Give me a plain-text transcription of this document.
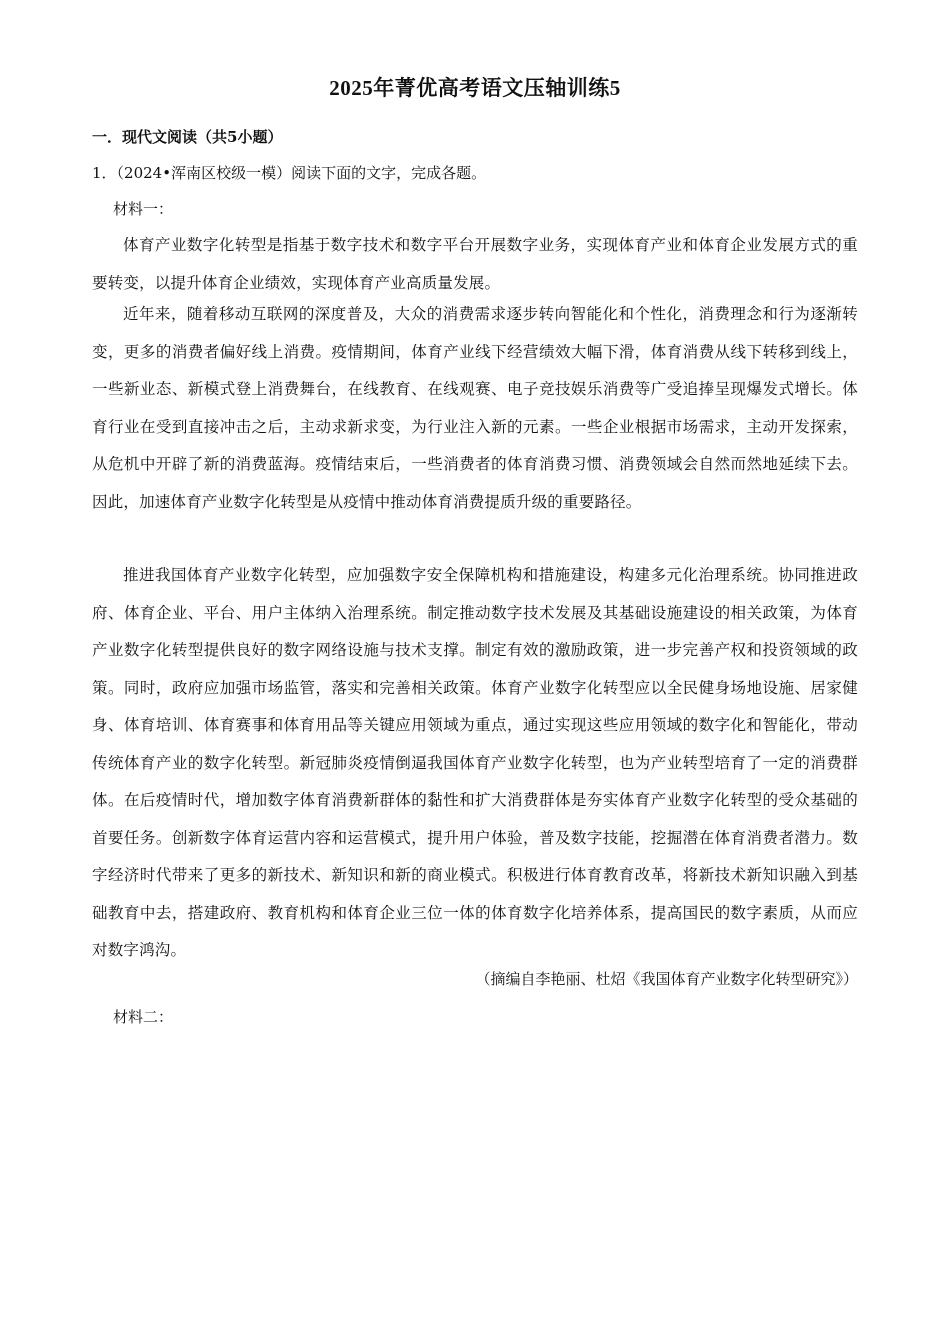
2025年菁优高考语文压轴训练5
一．现代文阅读（共5小题）
1．（2024•浑南区校级一模）阅读下面的文字，完成各题。
材料一：

体育产业数字化转型是指基于数字技术和数字平台开展数字业务，实现体育产业和体育企业发展方式的重要转变，以提升体育企业绩效，实现体育产业高质量发展。

近年来，随着移动互联网的深度普及，大众的消费需求逐步转向智能化和个性化，消费理念和行为逐渐转变，更多的消费者偏好线上消费。疫情期间，体育产业线下经营绩效大幅下滑，体育消费从线下转移到线上，一些新业态、新模式登上消费舞台，在线教育、在线观赛、电子竞技娱乐消费等广受追捧呈现爆发式增长。体育行业在受到直接冲击之后，主动求新求变，为行业注入新的元素。一些企业根据市场需求，主动开发探索，从危机中开辟了新的消费蓝海。疫情结束后，一些消费者的体育消费习惯、消费领域会自然而然地延续下去。因此，加速体育产业数字化转型是从疫情中推动体育消费提质升级的重要路径。

推进我国体育产业数字化转型，应加强数字安全保障机构和措施建设，构建多元化治理系统。协同推进政府、体育企业、平台、用户主体纳入治理系统。制定推动数字技术发展及其基础设施建设的相关政策，为体育产业数字化转型提供良好的数字网络设施与技术支撑。制定有效的激励政策，进一步完善产权和投资领域的政策。同时，政府应加强市场监管，落实和完善相关政策。体育产业数字化转型应以全民健身场地设施、居家健身、体育培训、体育赛事和体育用品等关键应用领域为重点，通过实现这些应用领域的数字化和智能化，带动传统体育产业的数字化转型。新冠肺炎疫情倒逼我国体育产业数字化转型，也为产业转型培育了一定的消费群体。在后疫情时代，增加数字体育消费新群体的黏性和扩大消费群体是夯实体育产业数字化转型的受众基础的首要任务。创新数字体育运营内容和运营模式，提升用户体验，普及数字技能，挖掘潜在体育消费者潜力。数字经济时代带来了更多的新技术、新知识和新的商业模式。积极进行体育教育改革，将新技术新知识融入到基础教育中去，搭建政府、教育机构和体育企业三位一体的体育数字化培养体系，提高国民的数字素质，从而应对数字鸿沟。

（摘编自李艳丽、杜炤《我国体育产业数字化转型研究》）
材料二：
